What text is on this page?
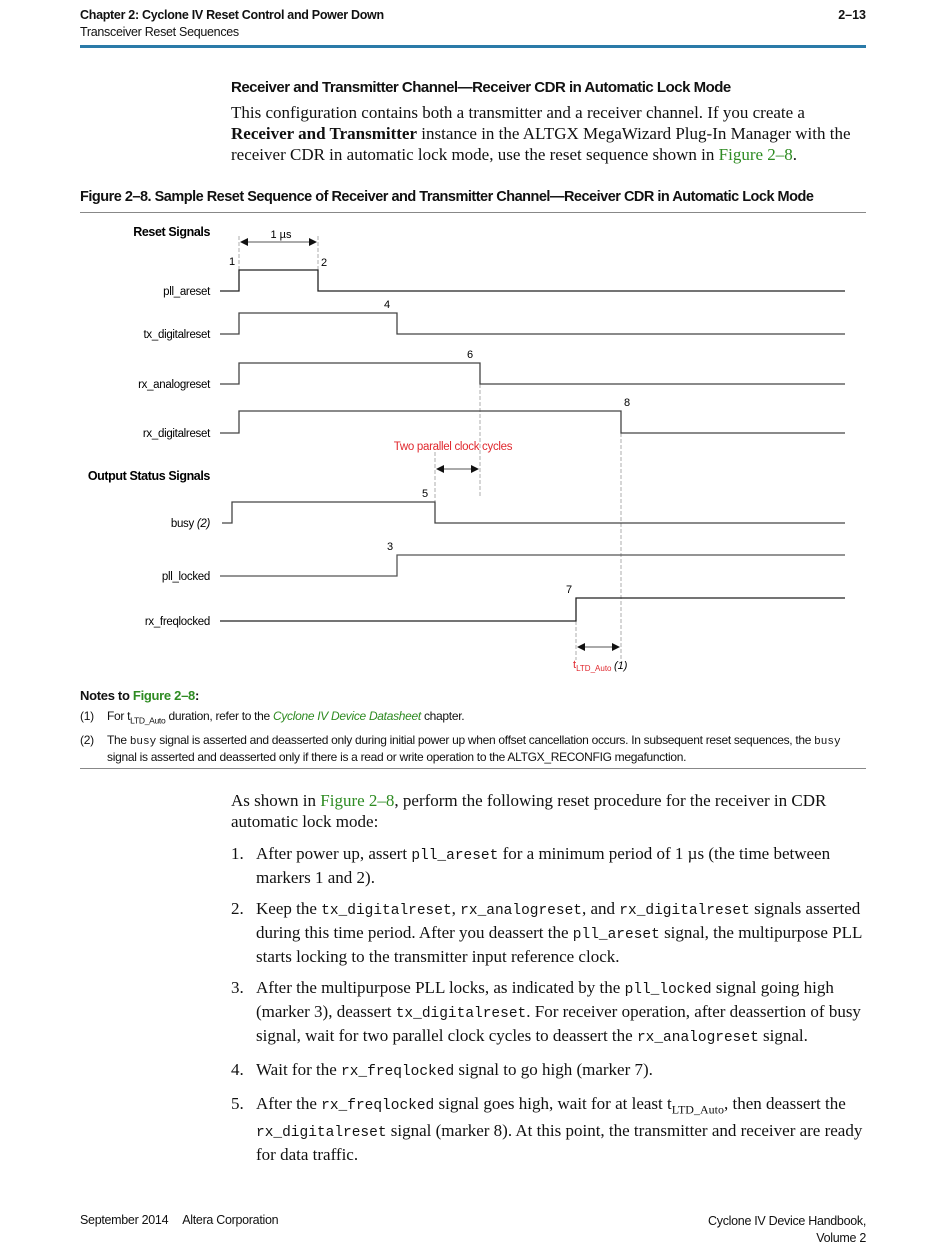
Chapter 2: Cyclone IV Reset Control and Power Down
Transceiver Reset Sequences
2–13
Receiver and Transmitter Channel—Receiver CDR in Automatic Lock Mode

This configuration contains both a transmitter and a receiver channel. If you create a Receiver and Transmitter instance in the ALTGX MegaWizard Plug-In Manager with the receiver CDR in automatic lock mode, use the reset sequence shown in Figure 2–8.

Figure 2–8. Sample Reset Sequence of Receiver and Transmitter Channel—Receiver CDR in Automatic Lock Mode
Reset Signals
Output Status Signals
1 µs
Two parallel clock cycles
$t_{LTD\_Auto}$ (1)
pll_areset
1	2
tx_digitalreset
4
rx_analogreset
6
rx_digitalreset
8
busy (2)
5
pll_locked
3
rx_freqlocked
7
Notes to Figure 2–8:
(1) For $t_{LTD\_Auto}$ duration, refer to the Cyclone IV Device Datasheet chapter.
(2) The busy signal is asserted and deasserted only during initial power up when offset cancellation occurs. In subsequent reset sequences, the busy signal is asserted and deasserted only if there is a read or write operation to the ALTGX_RECONFIG megafunction.

As shown in Figure 2–8, perform the following reset procedure for the receiver in CDR automatic lock mode:

1. After power up, assert pll_areset for a minimum period of 1 µs (the time between markers 1 and 2).
2. Keep the tx_digitalreset, rx_analogreset, and rx_digitalreset signals asserted during this time period. After you deassert the pll_areset signal, the multipurpose PLL starts locking to the transmitter input reference clock.
3. After the multipurpose PLL locks, as indicated by the pll_locked signal going high (marker 3), deassert tx_digitalreset. For receiver operation, after deassertion of busy signal, wait for two parallel clock cycles to deassert the rx_analogreset signal.
4. Wait for the rx_freqlocked signal to go high (marker 7).
5. After the rx_freqlocked signal goes high, wait for at least $t_{LTD\_Auto}$, then deassert the rx_digitalreset signal (marker 8). At this point, the transmitter and receiver are ready for data traffic.
September 2014 Altera Corporation	Cyclone IV Device Handbook,
Volume 2
